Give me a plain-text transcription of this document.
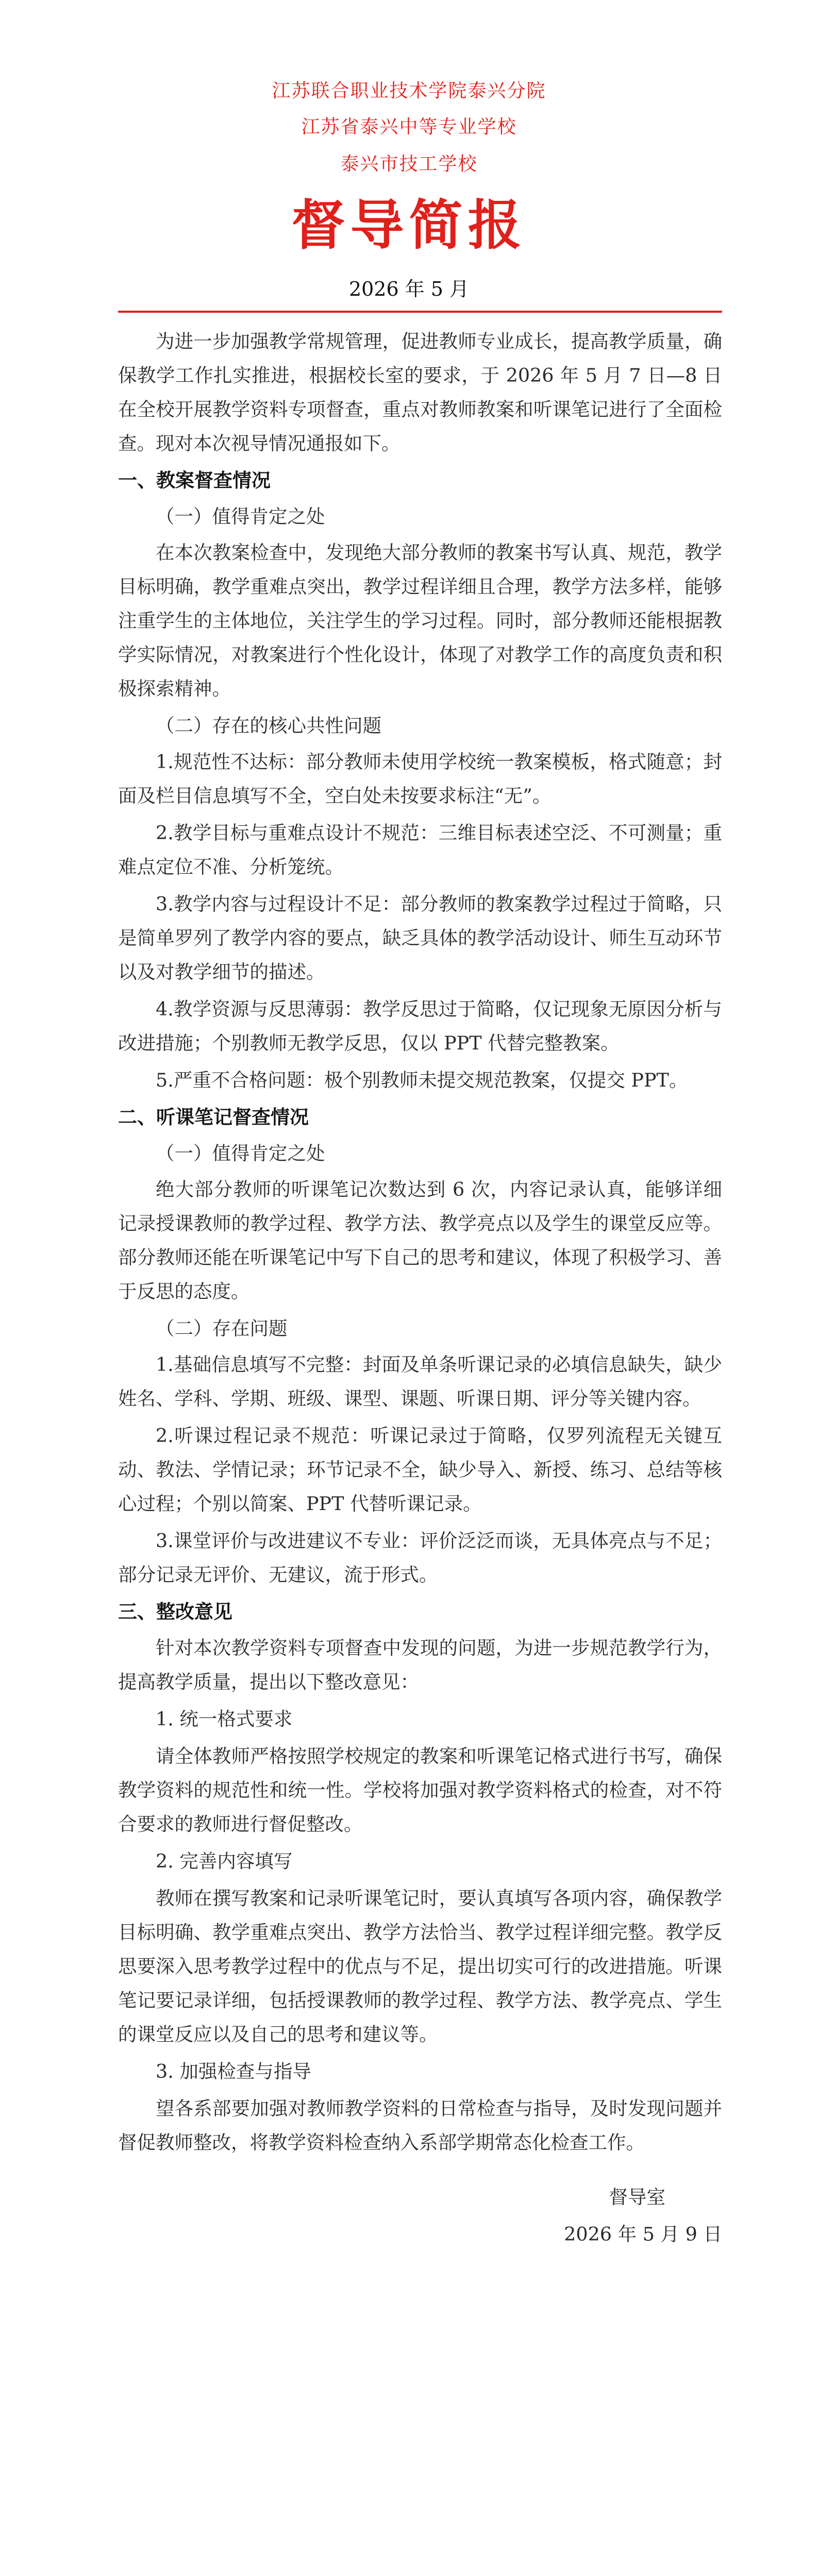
江苏联合职业技术学院泰兴分院
江苏省泰兴中等专业学校
泰兴市技工学校
督导简报
2026 年 5 月

为进一步加强教学常规管理，促进教师专业成长，提高教学质量，确保教学工作扎实推进，根据校长室的要求，于 2026 年 5 月 7 日—8 日在全校开展教学资料专项督查，重点对教师教案和听课笔记进行了全面检查。现对本次视导情况通报如下。

一、教案督查情况

（一）值得肯定之处

在本次教案检查中，发现绝大部分教师的教案书写认真、规范，教学目标明确，教学重难点突出，教学过程详细且合理，教学方法多样，能够注重学生的主体地位，关注学生的学习过程。同时，部分教师还能根据教学实际情况，对教案进行个性化设计，体现了对教学工作的高度负责和积极探索精神。

（二）存在的核心共性问题

1.规范性不达标：部分教师未使用学校统一教案模板，格式随意；封面及栏目信息填写不全，空白处未按要求标注“无”。

2.教学目标与重难点设计不规范：三维目标表述空泛、不可测量；重难点定位不准、分析笼统。

3.教学内容与过程设计不足：部分教师的教案教学过程过于简略，只是简单罗列了教学内容的要点，缺乏具体的教学活动设计、师生互动环节以及对教学细节的描述。

4.教学资源与反思薄弱：教学反思过于简略，仅记现象无原因分析与改进措施；个别教师无教学反思，仅以 PPT 代替完整教案。

5.严重不合格问题：极个别教师未提交规范教案，仅提交 PPT。

二、听课笔记督查情况

（一）值得肯定之处

绝大部分教师的听课笔记次数达到 6 次，内容记录认真，能够详细记录授课教师的教学过程、教学方法、教学亮点以及学生的课堂反应等。部分教师还能在听课笔记中写下自己的思考和建议，体现了积极学习、善于反思的态度。

（二）存在问题

1.基础信息填写不完整：封面及单条听课记录的必填信息缺失，缺少姓名、学科、学期、班级、课型、课题、听课日期、评分等关键内容。

2.听课过程记录不规范：听课记录过于简略，仅罗列流程无关键互动、教法、学情记录；环节记录不全，缺少导入、新授、练习、总结等核心过程；个别以简案、PPT 代替听课记录。

3.课堂评价与改进建议不专业：评价泛泛而谈，无具体亮点与不足；部分记录无评价、无建议，流于形式。

三、整改意见

针对本次教学资料专项督查中发现的问题，为进一步规范教学行为，提高教学质量，提出以下整改意见：

1. 统一格式要求

请全体教师严格按照学校规定的教案和听课笔记格式进行书写，确保教学资料的规范性和统一性。学校将加强对教学资料格式的检查，对不符合要求的教师进行督促整改。

2. 完善内容填写

教师在撰写教案和记录听课笔记时，要认真填写各项内容，确保教学目标明确、教学重难点突出、教学方法恰当、教学过程详细完整。教学反思要深入思考教学过程中的优点与不足，提出切实可行的改进措施。听课笔记要记录详细，包括授课教师的教学过程、教学方法、教学亮点、学生的课堂反应以及自己的思考和建议等。

3. 加强检查与指导

望各系部要加强对教师教学资料的日常检查与指导，及时发现问题并督促教师整改，将教学资料检查纳入系部学期常态化检查工作。

督导室

2026 年 5 月 9 日
